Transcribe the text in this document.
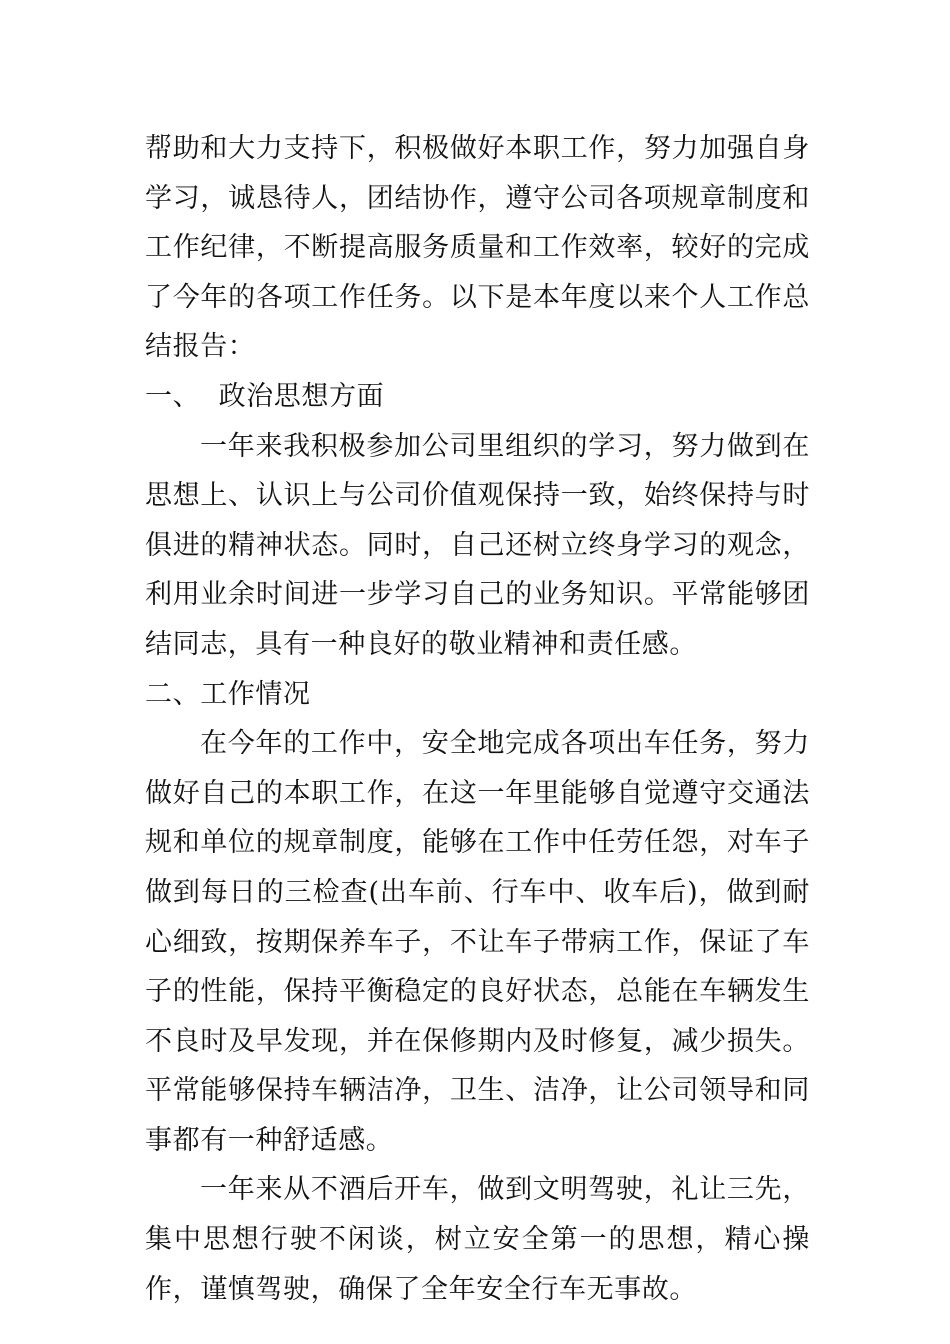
帮助和大力支持下，积极做好本职工作，努力加强自身学习，诚恳待人，团结协作，遵守公司各项规章制度和工作纪律，不断提高服务质量和工作效率，较好的完成了今年的各项工作任务。以下是本年度以来个人工作总结报告：

一、  政治思想方面

一年来我积极参加公司里组织的学习，努力做到在思想上、认识上与公司价值观保持一致，始终保持与时俱进的精神状态。同时，自己还树立终身学习的观念，利用业余时间进一步学习自己的业务知识。平常能够团结同志，具有一种良好的敬业精神和责任感。

二、工作情况

在今年的工作中，安全地完成各项出车任务，努力做好自己的本职工作，在这一年里能够自觉遵守交通法规和单位的规章制度，能够在工作中任劳任怨，对车子做到每日的三检查(出车前、行车中、收车后)，做到耐心细致，按期保养车子，不让车子带病工作，保证了车子的性能，保持平衡稳定的良好状态，总能在车辆发生不良时及早发现，并在保修期内及时修复，减少损失。平常能够保持车辆洁净，卫生、洁净，让公司领导和同事都有一种舒适感。

一年来从不酒后开车，做到文明驾驶，礼让三先，集中思想行驶不闲谈，树立安全第一的思想，精心操作，谨慎驾驶，确保了全年安全行车无事故。
